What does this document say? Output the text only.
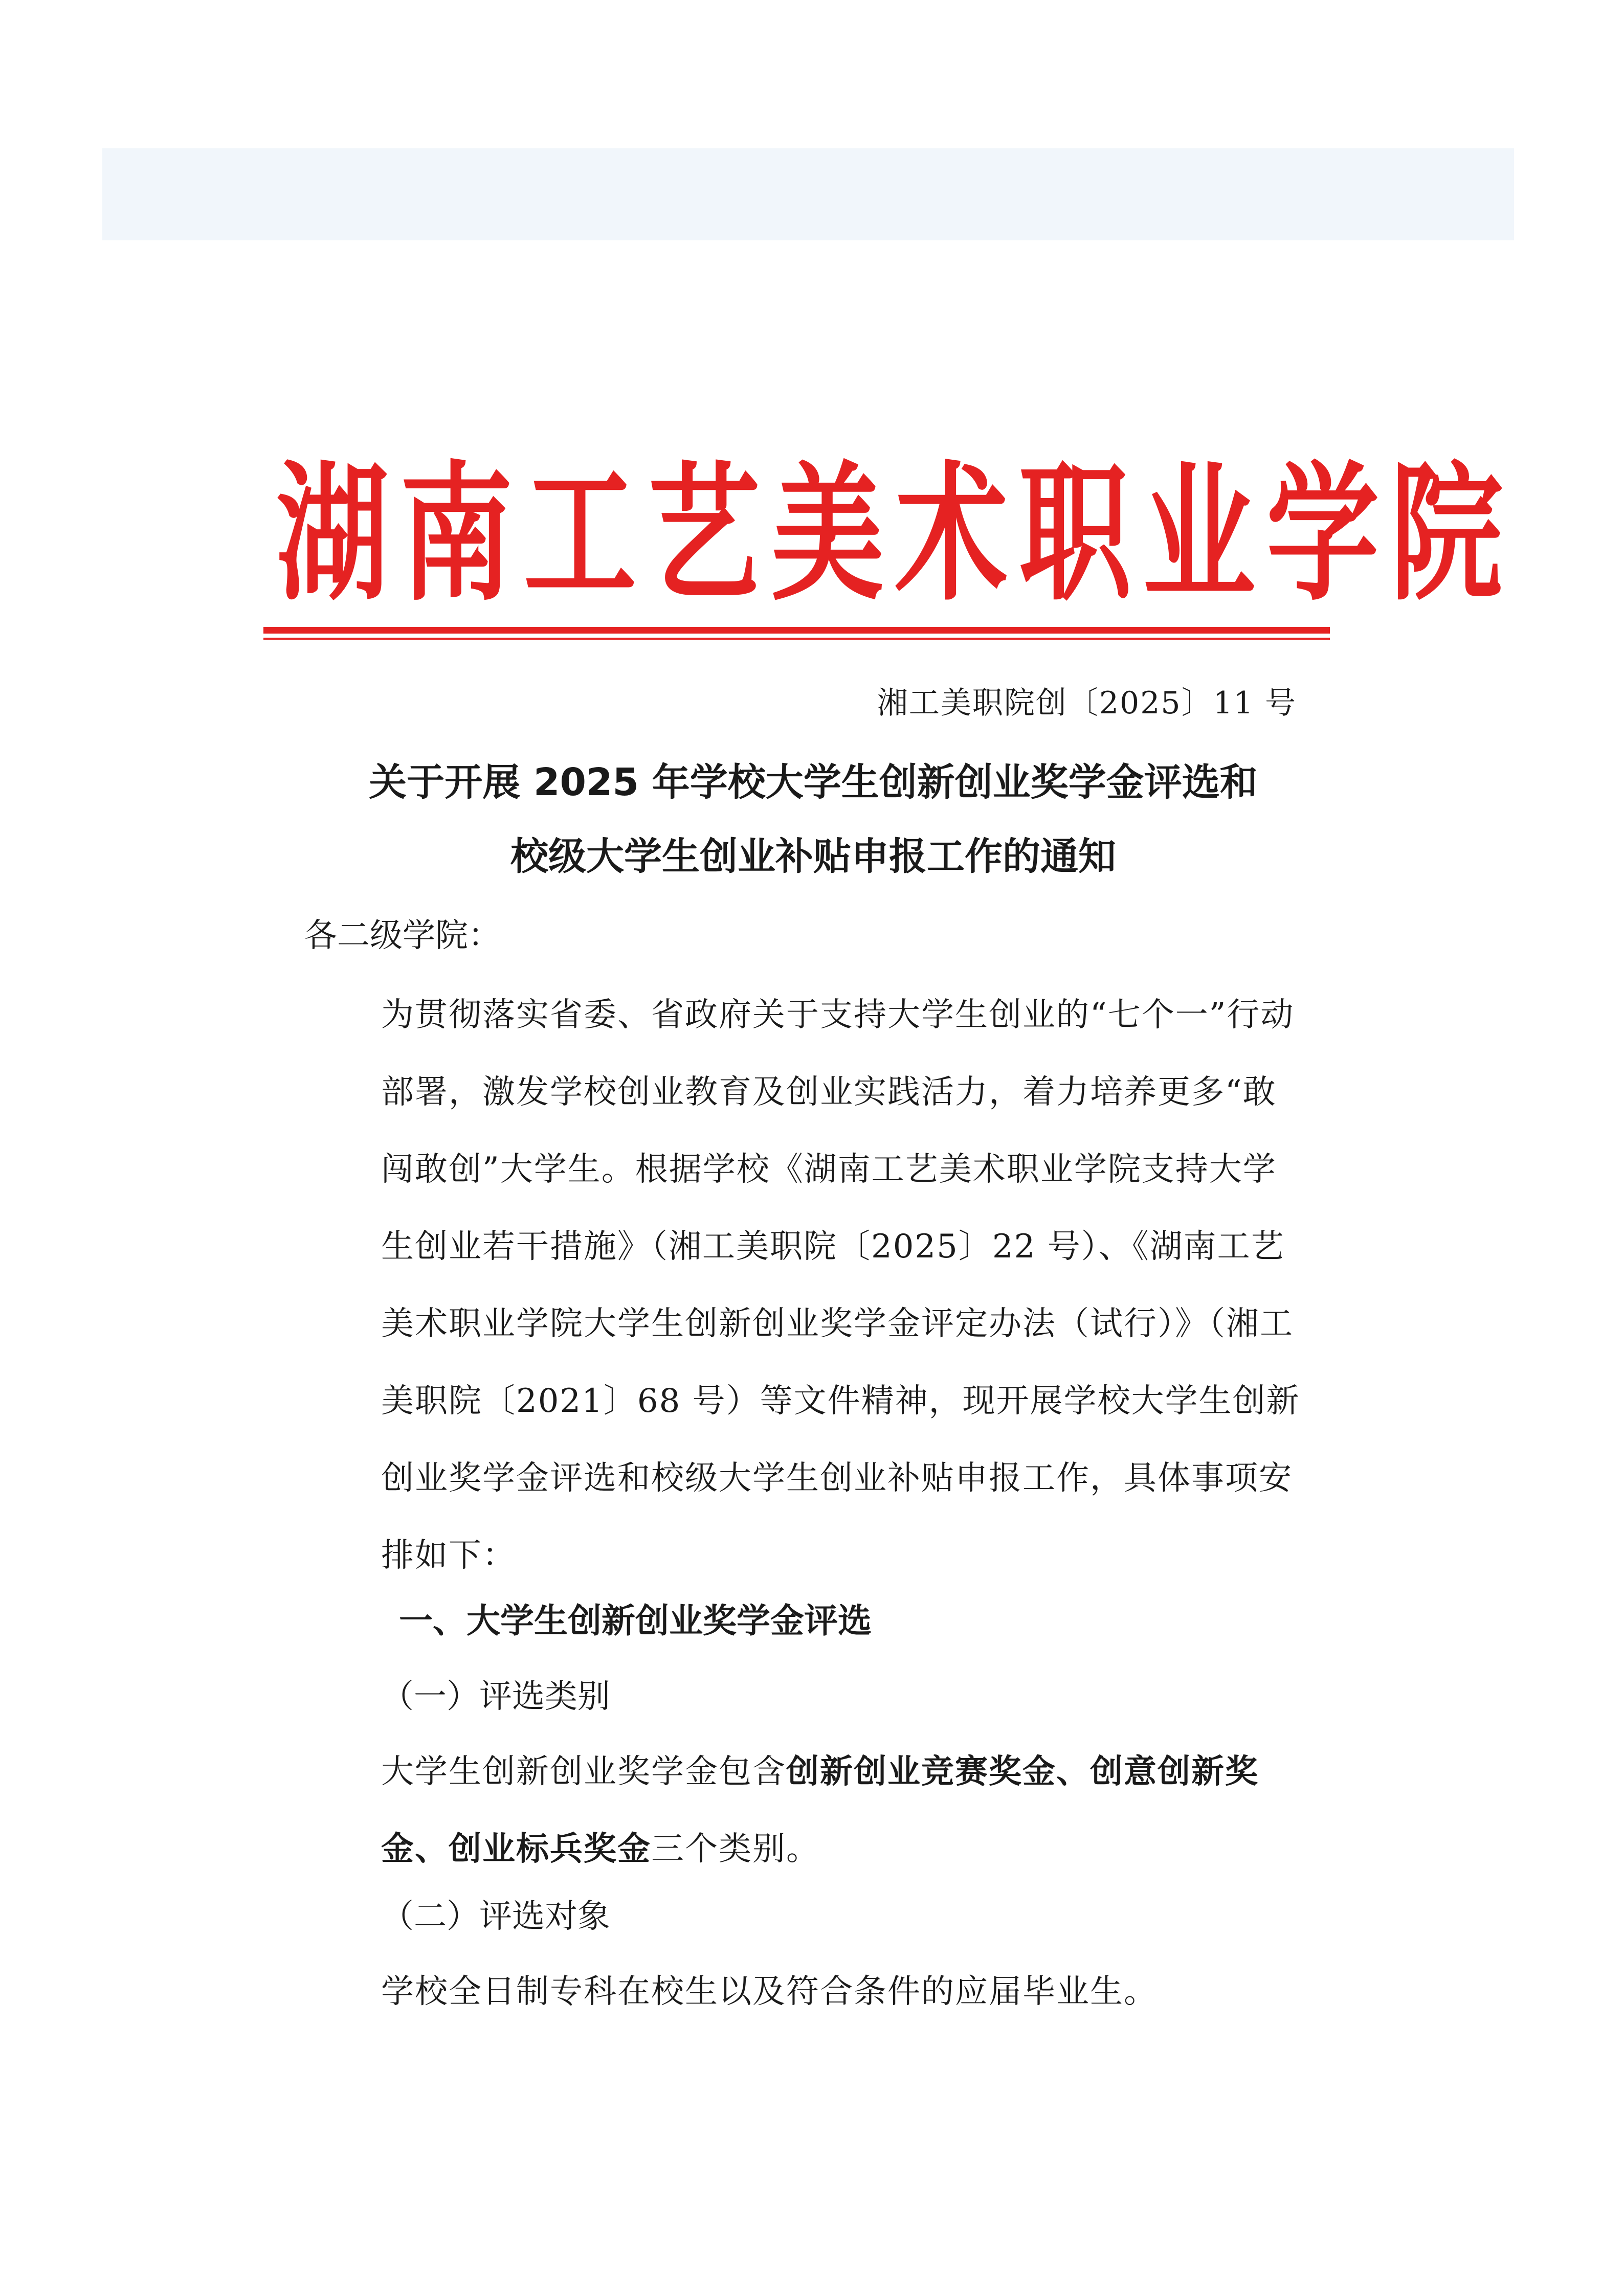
湖南工艺美术职业学院
湘工美职院创〔2025〕11 号
关于开展 2025 年学校大学生创新创业奖学金评选和
校级大学生创业补贴申报工作的通知
各二级学院：
为贯彻落实省委、省政府关于支持大学生创业的“七个一”行动部署，激发学校创业教育及创业实践活力，着力培养更多“敢闯敢创”大学生。根据学校《湖南工艺美术职业学院支持大学生创业若干措施》（湘工美职院〔2025〕22 号）、《湖南工艺美术职业学院大学生创新创业奖学金评定办法（试行）》（湘工美职院〔2021〕68 号）等文件精神，现开展学校大学生创新创业奖学金评选和校级大学生创业补贴申报工作，具体事项安排如下：
一、大学生创新创业奖学金评选
（一）评选类别
大学生创新创业奖学金包含创新创业竞赛奖金、创意创新奖金、创业标兵奖金三个类别。
（二）评选对象
学校全日制专科在校生以及符合条件的应届毕业生。
